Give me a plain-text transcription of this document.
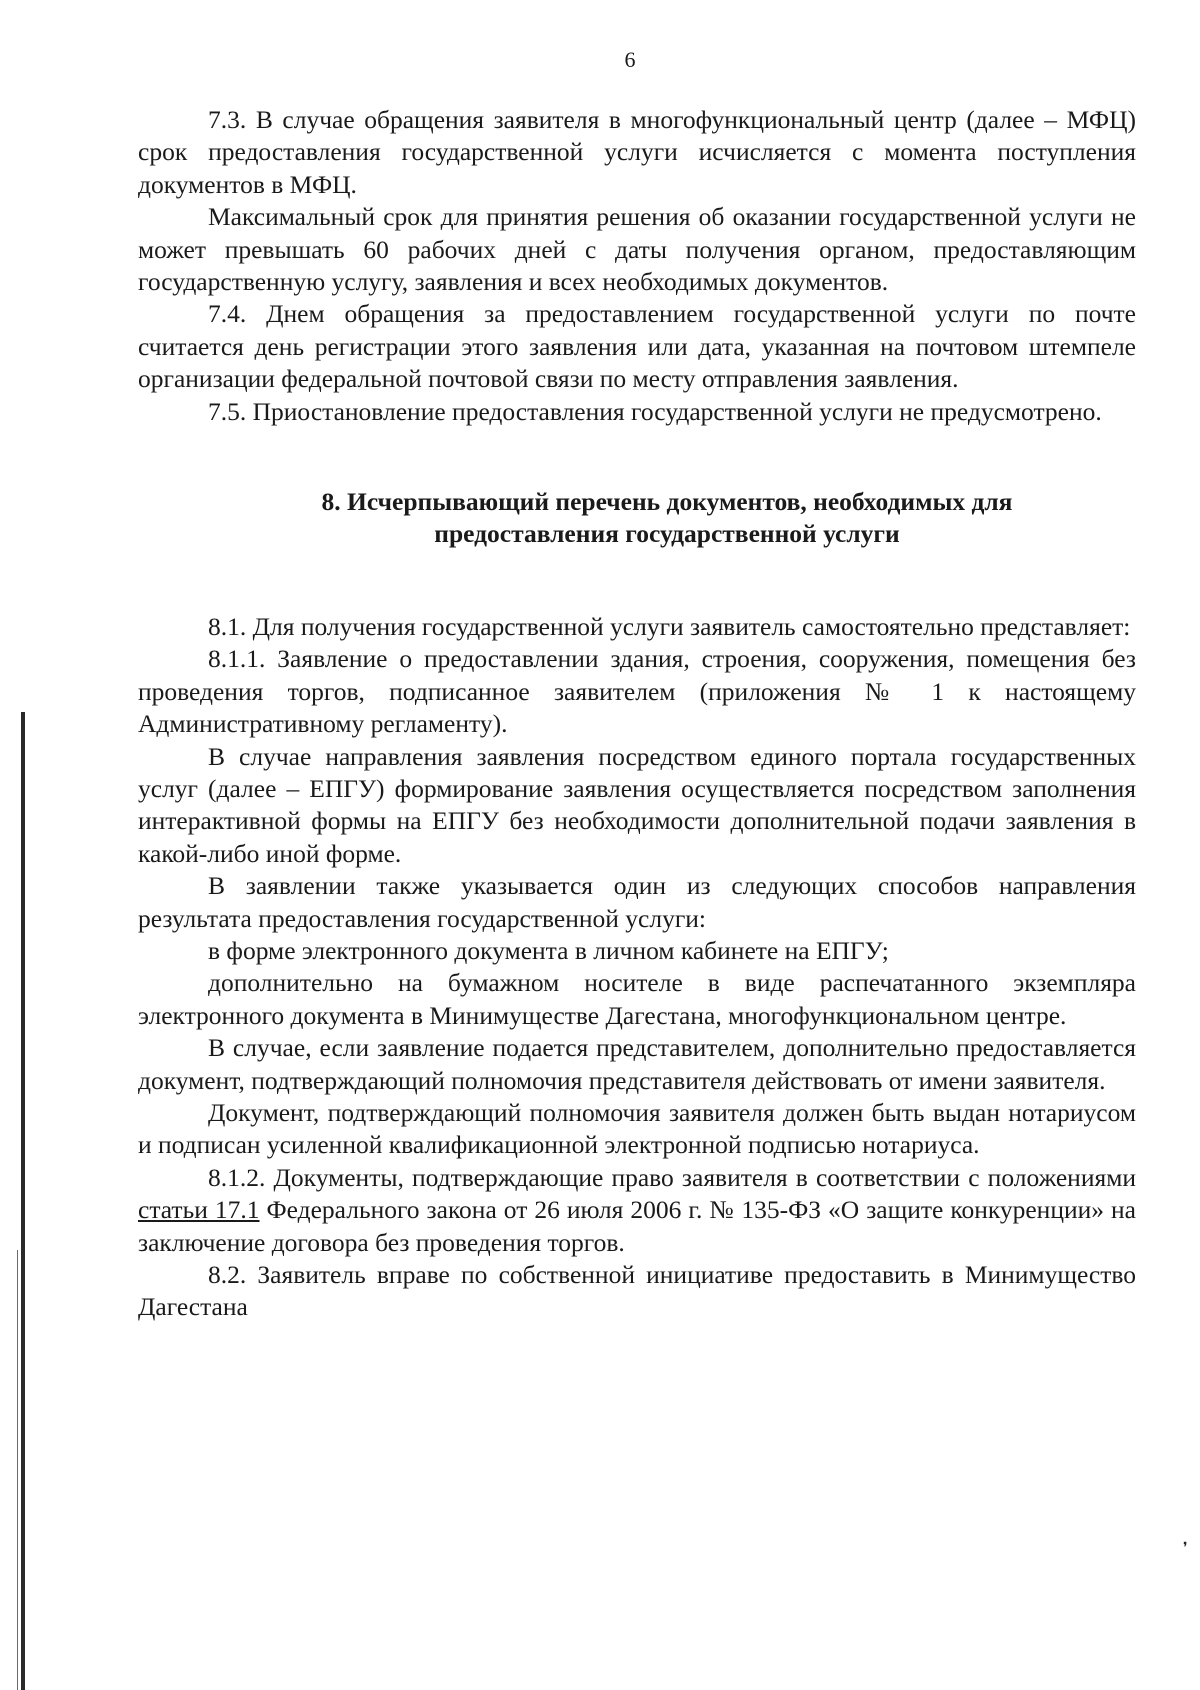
6
❜

7.3. В случае обращения заявителя в многофункциональный центр (далее – МФЦ) срок предоставления государственной услуги исчисляется с момента поступления документов в МФЦ.

Максимальный срок для принятия решения об оказании государственной услуги не может превышать 60 рабочих дней с даты получения органом, предоставляющим государственную услугу, заявления и всех необходимых документов.

7.4. Днем обращения за предоставлением государственной услуги по почте считается день регистрации этого заявления или дата, указанная на почтовом штемпеле организации федеральной почтовой связи по месту отправления заявления.

7.5. Приостановление предоставления государственной услуги не предусмотрено.

8. Исчерпывающий перечень документов, необходимых для

предоставления государственной услуги

8.1. Для получения государственной услуги заявитель самостоятельно представляет:

8.1.1. Заявление о предоставлении здания, строения, сооружения, помещения без проведения торгов, подписанное заявителем (приложения № 1 к настоящему Административному регламенту).

В случае направления заявления посредством единого портала государственных услуг (далее – ЕПГУ) формирование заявления осуществляется посредством заполнения интерактивной формы на ЕПГУ без необходимости дополнительной подачи заявления в какой-либо иной форме.

В заявлении также указывается один из следующих способов направления результата предоставления государственной услуги:

в форме электронного документа в личном кабинете на ЕПГУ;

дополнительно на бумажном носителе в виде распечатанного экземпляра электронного документа в Минимуществе Дагестана, многофункциональном центре.

В случае, если заявление подается представителем, дополнительно предоставляется документ, подтверждающий полномочия представителя действовать от имени заявителя.

Документ, подтверждающий полномочия заявителя должен быть выдан нотариусом и подписан усиленной квалификационной электронной подписью нотариуса.

8.1.2. Документы, подтверждающие право заявителя в соответствии с положениями статьи 17.1 Федерального закона от 26 июля 2006 г. № 135-ФЗ «О защите конкуренции» на заключение договора без проведения торгов.

8.2. Заявитель вправе по собственной инициативе предоставить в Минимущество Дагестана
